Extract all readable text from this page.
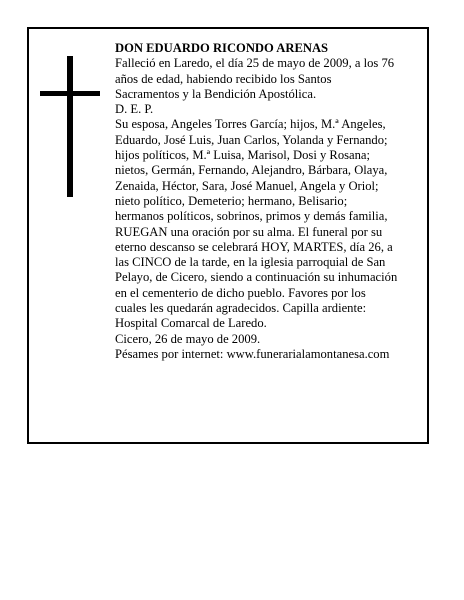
DON EDUARDO RICONDO ARENAS
Falleció en Laredo, el día 25 de mayo de 2009, a los 76
años de edad, habiendo recibido los Santos
Sacramentos y la Bendición Apostólica.
D. E. P.
Su esposa, Angeles Torres García; hijos, M.ª Angeles,
Eduardo, José Luis, Juan Carlos, Yolanda y Fernando;
hijos políticos, M.ª Luisa, Marisol, Dosi y Rosana;
nietos, Germán, Fernando, Alejandro, Bárbara, Olaya,
Zenaida, Héctor, Sara, José Manuel, Angela y Oriol;
nieto político, Demeterio; hermano, Belisario;
hermanos políticos, sobrinos, primos y demás familia,
RUEGAN una oración por su alma. El funeral por su
eterno descanso se celebrará HOY, MARTES, día 26, a
las CINCO de la tarde, en la iglesia parroquial de San
Pelayo, de Cicero, siendo a continuación su inhumación
en el cementerio de dicho pueblo. Favores por los
cuales les quedarán agradecidos. Capilla ardiente:
Hospital Comarcal de Laredo.
Cicero, 26 de mayo de 2009.
Pésames por internet: www.funerarialamontanesa.com
